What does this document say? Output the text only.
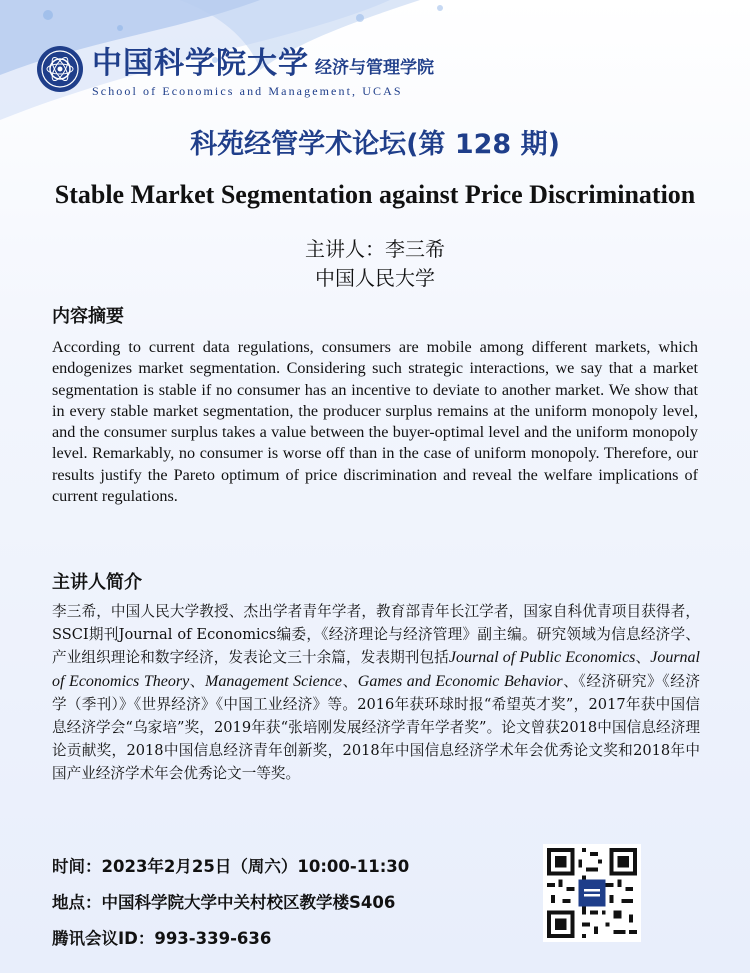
中国科学院大学 经济与管理学院
School of Economics and Management, UCAS
科苑经管学术论坛(第 128 期)
Stable Market Segmentation against Price Discrimination
主讲人：李三希
中国人民大学
内容摘要

According to current data regulations, consumers are mobile among different markets, which endogenizes market segmentation. Considering such strategic interactions, we say that a market segmentation is stable if no consumer has an incentive to deviate to another market. We show that in every stable market segmentation, the producer surplus remains at the uniform monopoly level, and the consumer surplus takes a value between the buyer-optimal level and the uniform monopoly level. Remarkably, no consumer is worse off than in the case of uniform monopoly. Therefore, our results justify the Pareto optimum of price discrimination and reveal the welfare implications of current regulations.

主讲人简介

李三希，中国人民大学教授、杰出学者青年学者，教育部青年长江学者，国家自科优青项目获得者，SSCI期刊Journal of Economics编委，《经济理论与经济管理》副主编。研究领域为信息经济学、产业组织理论和数字经济，发表论文三十余篇，发表期刊包括Journal of Public Economics、Journal of Economics Theory、Management Science、Games and Economic Behavior、《经济研究》《经济学（季刊）》《世界经济》《中国工业经济》等。2016年获环球时报“希望英才奖”，2017年获中国信息经济学会“乌家培”奖，2019年获“张培刚发展经济学青年学者奖”。论文曾获2018中国信息经济理论贡献奖，2018中国信息经济青年创新奖，2018年中国信息经济学术年会优秀论文奖和2018年中国产业经济学术年会优秀论文一等奖。

时间：2023年2月25日（周六）10:00-11:30
地点：中国科学院大学中关村校区教学楼S406
腾讯会议ID：993-339-636
